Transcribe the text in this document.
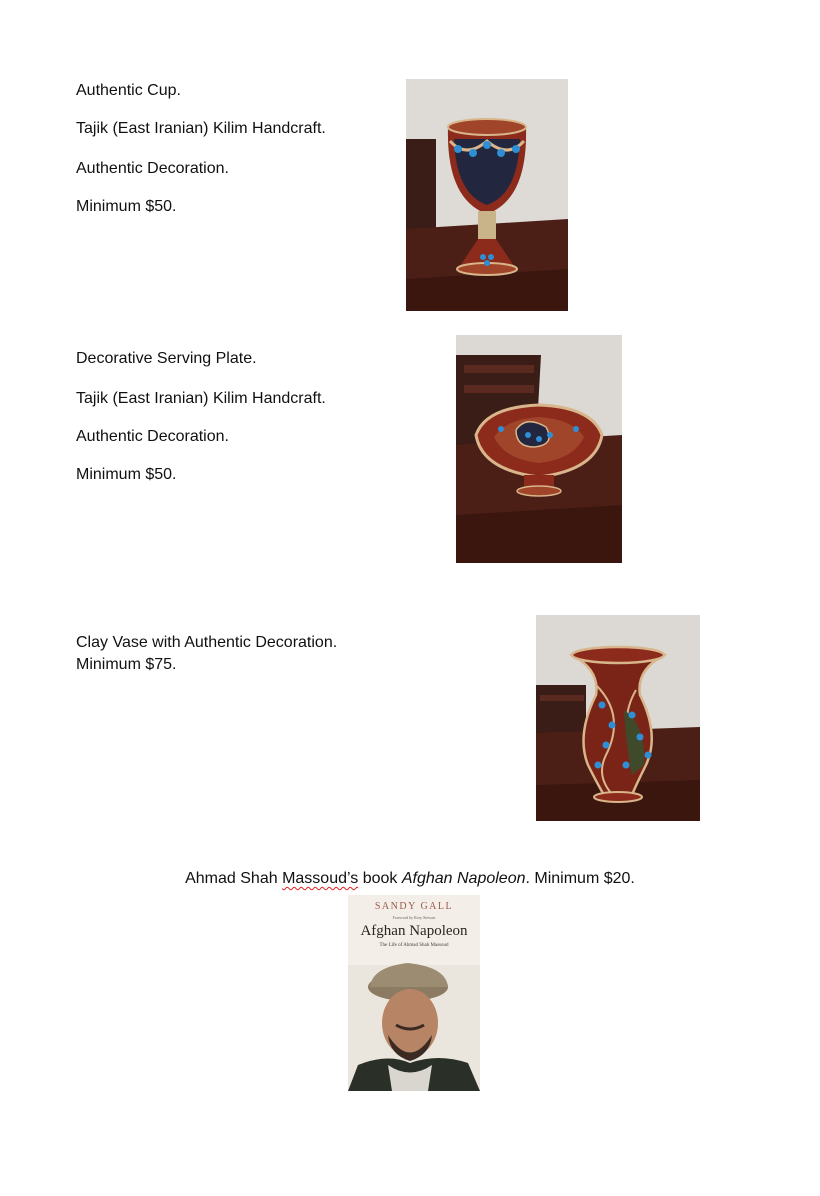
Authentic Cup.

Tajik (East Iranian) Kilim Handcraft.

Authentic Decoration.

Minimum $50.

Decorative Serving Plate.

Tajik (East Iranian) Kilim Handcraft.

Authentic Decoration.

Minimum $50.

Clay Vase with Authentic Decoration.

Minimum $75.

Ahmad Shah Massoud’s book Afghan Napoleon. Minimum $20.

SANDY GALL
Foreword by Rory Stewart
Afghan Napoleon
The Life of Ahmad Shah Massoud
